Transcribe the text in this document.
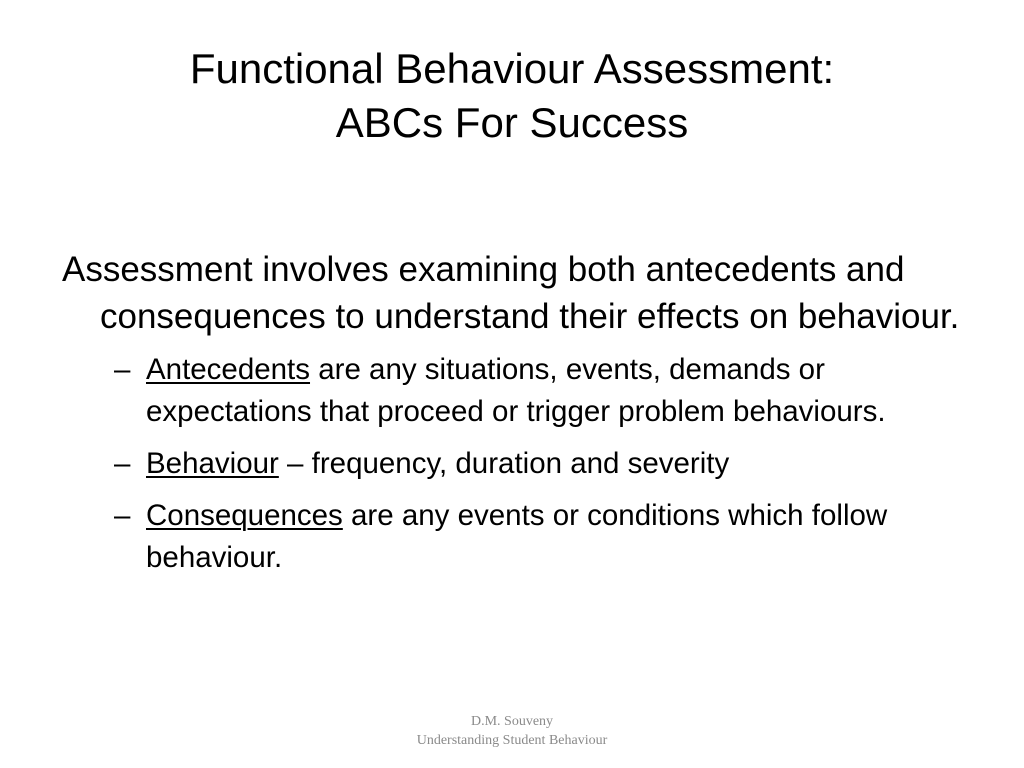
Functional Behaviour Assessment:
ABCs For Success

Assessment involves examining both antecedents and consequences to understand their effects on behaviour.

– Antecedents are any situations, events, demands or expectations that proceed or trigger problem behaviours.
– Behaviour – frequency, duration and severity
– Consequences are any events or conditions which follow behaviour.
D.M. Souveny
Understanding Student Behaviour
